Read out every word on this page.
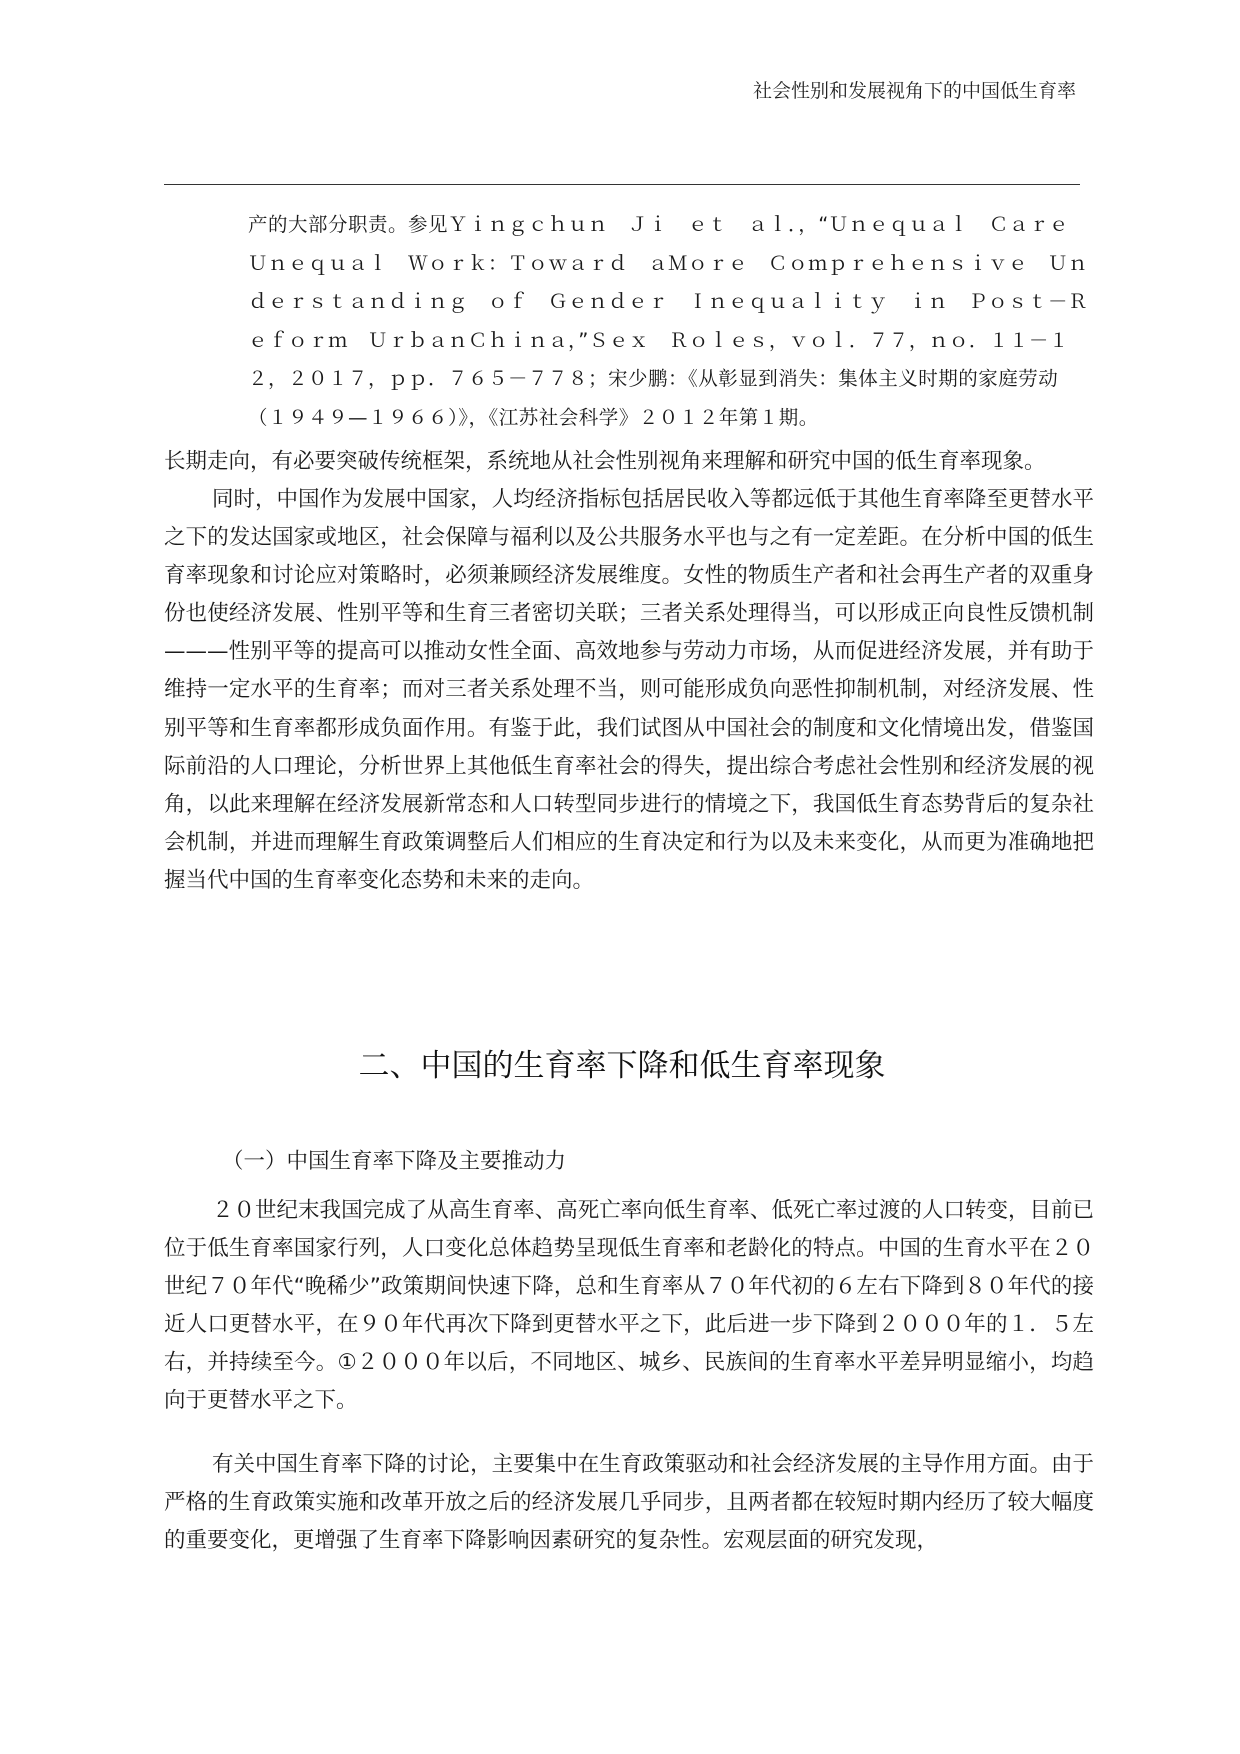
社会性别和发展视角下的中国低生育率

产的大部分职责。参见Ｙｉｎｇｃｈｕｎ　Ｊｉ　ｅｔ　ａｌ．，“Ｕｎｅｑｕａｌ　Ｃａｒｅ
Ｕｎｅｑｕａｌ　Ｗｏｒｋ：Ｔｏｗａｒｄ　ａＭｏｒｅ　Ｃｏｍｐｒｅｈｅｎｓｉｖｅ　Ｕｎ
ｄｅｒｓｔａｎｄｉｎｇ　ｏｆ　Ｇｅｎｄｅｒ　Ｉｎｅｑｕａｌｉｔｙ　ｉｎ　Ｐｏｓｔ－Ｒ
ｅｆｏｒｍ　ＵｒｂａｎＣｈｉｎａ，”Ｓｅｘ　Ｒｏｌｅｓ，ｖｏｌ．７７，ｎｏ．１１－１
２，２０１７，ｐｐ．７６５－７７８；宋少鹏：《从彰显到消失：集体主义时期的家庭劳动
（１９４９—１９６６）》，《江苏社会科学》２０１２年第１期。

长期走向，有必要突破传统框架，系统地从社会性别视角来理解和研究中国的低生育率现象。

同时，中国作为发展中国家，人均经济指标包括居民收入等都远低于其他生育率降至更替水平之下的发达国家或地区，社会保障与福利以及公共服务水平也与之有一定差距。在分析中国的低生育率现象和讨论应对策略时，必须兼顾经济发展维度。女性的物质生产者和社会再生产者的双重身份也使经济发展、性别平等和生育三者密切关联；三者关系处理得当，可以形成正向良性反馈机制———性别平等的提高可以推动女性全面、高效地参与劳动力市场，从而促进经济发展，并有助于维持一定水平的生育率；而对三者关系处理不当，则可能形成负向恶性抑制机制，对经济发展、性别平等和生育率都形成负面作用。有鉴于此，我们试图从中国社会的制度和文化情境出发，借鉴国际前沿的人口理论，分析世界上其他低生育率社会的得失，提出综合考虑社会性别和经济发展的视角，以此来理解在经济发展新常态和人口转型同步进行的情境之下，我国低生育态势背后的复杂社会机制，并进而理解生育政策调整后人们相应的生育决定和行为以及未来变化，从而更为准确地把握当代中国的生育率变化态势和未来的走向。

二、中国的生育率下降和低生育率现象
（一）中国生育率下降及主要推动力

２０世纪末我国完成了从高生育率、高死亡率向低生育率、低死亡率过渡的人口转变，目前已位于低生育率国家行列，人口变化总体趋势呈现低生育率和老龄化的特点。中国的生育水平在２０世纪７０年代“晚稀少”政策期间快速下降，总和生育率从７０年代初的６左右下降到８０年代的接近人口更替水平，在９０年代再次下降到更替水平之下，此后进一步下降到２０００年的１．５左右，并持续至今。①２０００年以后，不同地区、城乡、民族间的生育率水平差异明显缩小，均趋向于更替水平之下。

有关中国生育率下降的讨论，主要集中在生育政策驱动和社会经济发展的主导作用方面。由于严格的生育政策实施和改革开放之后的经济发展几乎同步，且两者都在较短时期内经历了较大幅度的重要变化，更增强了生育率下降影响因素研究的复杂性。宏观层面的研究发现，
